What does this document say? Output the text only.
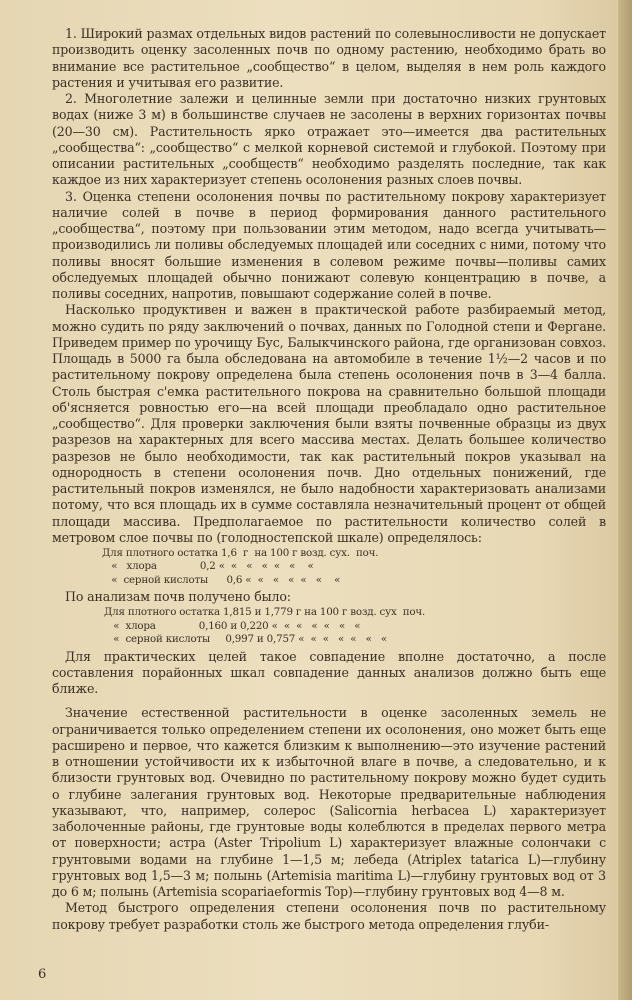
1. Широкий размах отдельных видов растений по солевыносливости не допускает производить оценку засоленных почв по одному растению, необходимо брать во внимание все растительное „сообщество“ в целом, выделяя в нем роль каждого растения и учитывая его развитие.

2. Многолетние залежи и целинные земли при достаточно низких грунтовых водах (ниже 3 м) в большинстве случаев не засолены в верхних горизонтах почвы (20—30 см). Растительность ярко отражает это—имеется два растительных „сообщества“: „сообщество“ с мелкой корневой системой и глубокой. Поэтому при описании растительных „сообществ“ необходимо разделять последние, так как каждое из них характеризует степень осолонения разных слоев почвы.

3. Оценка степени осолонения почвы по растительному покрову характеризует наличие солей в почве в период формирования данного растительного „сообщества“, поэтому при пользовании этим методом, надо всегда учитывать—производились ли поливы обследуемых площадей или соседних с ними, потому что поливы вносят большие изменения в солевом режиме почвы—поливы самих обследуемых площадей обычно понижают солевую концентрацию в почве, а поливы соседних, напротив, повышают содержание солей в почве.

Насколько продуктивен и важен в практической работе разбираемый метод, можно судить по ряду заключений о почвах, данных по Голодной степи и Фергане. Приведем пример по урочищу Бус, Балыкчинского района, где организован совхоз. Площадь в 5000 га была обследована на автомобиле в течение 1½—2 часов и по растительному покрову определена была степень осолонения почв в 3—4 балла. Столь быстрая с'емка растительного покрова на сравнительно большой площади об'ясняется ровностью его—на всей площади преобладало одно растительное „сообщество“. Для проверки заключения были взяты почвенные образцы из двух разрезов на характерных для всего массива местах. Делать большее количество разрезов не было необходимости, так как растительный покров указывал на однородность в степени осолонения почв. Дно отдельных понижений, где растительный покров изменялся, не было надобности характеризовать анализами потому, что вся площадь их в сумме составляла незначительный процент от общей площади массива. Предполагаемое по растительности количество солей в метровом слое почвы по (голодностепской шкале) определялось:

Для плотного остатка 1,6  г  на 100 г возд. сух.  поч.
«   хлора              0,2 «  «   «   «  «   «    «
«  серной кислоты      0,6 «  «   «   «  «   «    «

По анализам почв получено было:

Для плотного остатка 1,815 и 1,779 г на 100 г возд. сух  поч.
«  хлора              0,160 и 0,220 «  «  «   «  «   «   «
«  серной кислоты     0,997 и 0,757 «  «  «   «  «   «   «

Для практических целей такое совпадение вполне достаточно, а после составления порайонных шкал совпадение данных анализов должно быть еще ближе.

Значение естественной растительности в оценке засоленных земель не ограничивается только определением степени их осолонения, оно может быть еще расширено и первое, что кажется близким к выполнению—это изучение растений в отношении устойчивости их к избыточной влаге в почве, а следовательно, и к близости грунтовых вод. Очевидно по растительному покрову можно будет судить о глубине залегания грунтовых вод. Некоторые предварительные наблюдения указывают, что, например, солерос (Salicornia herbacea L) характеризует заболоченные районы, где грунтовые воды колеблются в пределах первого метра от поверхности; астра (Aster Tripolium L) характеризует влажные солончаки с грунтовыми водами на глубине 1—1,5 м; лебеда (Atriplex tatarica L)—глубину грунтовых вод 1,5—3 м; полынь (Artemisia maritima L)—глубину грунтовых вод от 3 до 6 м; полынь (Artemisia scopariaeformis Top)—глубину грунтовых вод 4—8 м.

Метод быстрого определения степени осолонения почв по растительному покрову требует разработки столь же быстрого метода определения глуби-

6
